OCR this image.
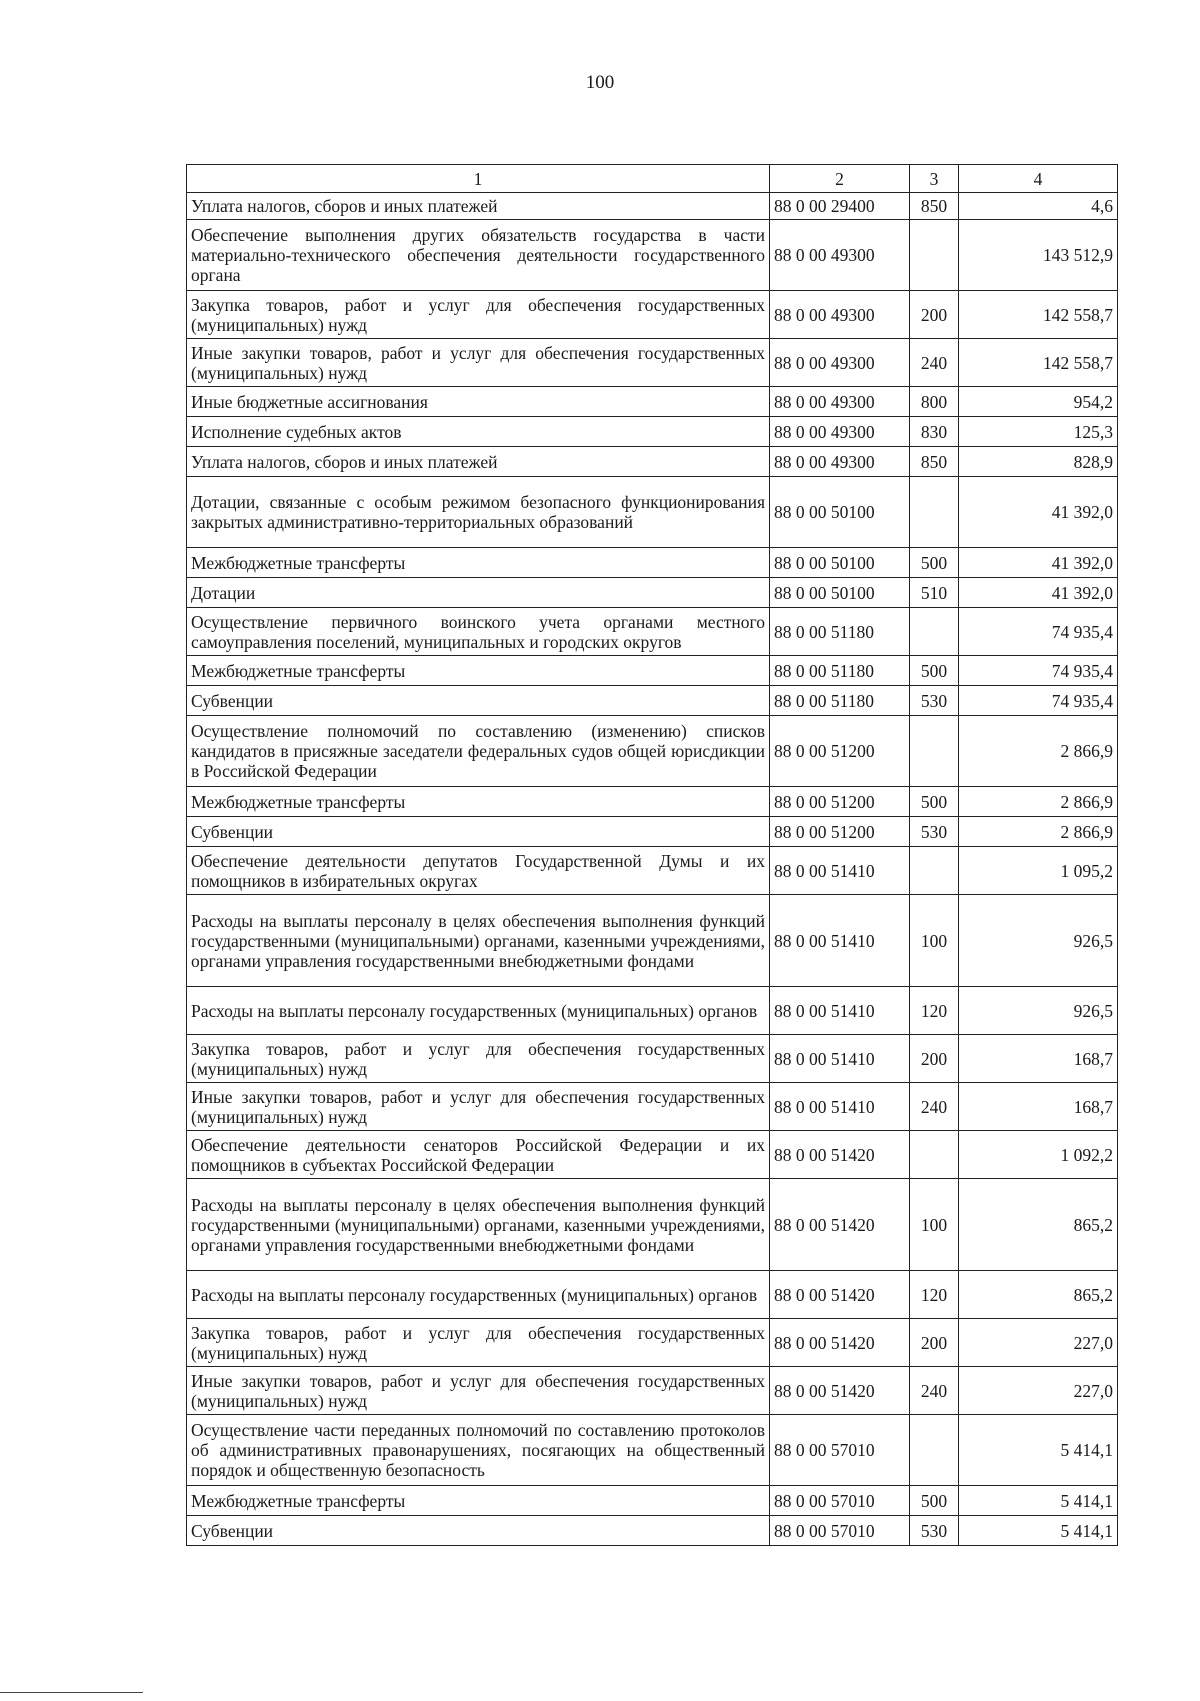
100
1	2	3	4
Уплата налогов, сборов и иных платежей	88 0 00 29400	850	4,6
Обеспечение выполнения других обязательств государства в части материально-технического обеспечения деятельности государственного органа	88 0 00 49300		143 512,9
Закупка товаров, работ и услуг для обеспечения государственных (муниципальных) нужд	88 0 00 49300	200	142 558,7
Иные закупки товаров, работ и услуг для обеспечения государственных (муниципальных) нужд	88 0 00 49300	240	142 558,7
Иные бюджетные ассигнования	88 0 00 49300	800	954,2
Исполнение судебных актов	88 0 00 49300	830	125,3
Уплата налогов, сборов и иных платежей	88 0 00 49300	850	828,9
Дотации, связанные с особым режимом безопасного функционирования закрытых административно-территориальных образований	88 0 00 50100		41 392,0
Межбюджетные трансферты	88 0 00 50100	500	41 392,0
Дотации	88 0 00 50100	510	41 392,0
Осуществление первичного воинского учета органами местного самоуправления поселений, муниципальных и городских округов	88 0 00 51180		74 935,4
Межбюджетные трансферты	88 0 00 51180	500	74 935,4
Субвенции	88 0 00 51180	530	74 935,4
Осуществление полномочий по составлению (изменению) списков кандидатов в присяжные заседатели федеральных судов общей юрисдикции в Российской Федерации	88 0 00 51200		2 866,9
Межбюджетные трансферты	88 0 00 51200	500	2 866,9
Субвенции	88 0 00 51200	530	2 866,9
Обеспечение деятельности депутатов Государственной Думы и их помощников в избирательных округах	88 0 00 51410		1 095,2
Расходы на выплаты персоналу в целях обеспечения выполнения функций государственными (муниципальными) органами, казенными учреждениями, органами управления государственными внебюджетными фондами	88 0 00 51410	100	926,5
Расходы на выплаты персоналу государственных (муниципальных) органов	88 0 00 51410	120	926,5
Закупка товаров, работ и услуг для обеспечения государственных (муниципальных) нужд	88 0 00 51410	200	168,7
Иные закупки товаров, работ и услуг для обеспечения государственных (муниципальных) нужд	88 0 00 51410	240	168,7
Обеспечение деятельности сенаторов Российской Федерации и их помощников в субъектах Российской Федерации	88 0 00 51420		1 092,2
Расходы на выплаты персоналу в целях обеспечения выполнения функций государственными (муниципальными) органами, казенными учреждениями, органами управления государственными внебюджетными фондами	88 0 00 51420	100	865,2
Расходы на выплаты персоналу государственных (муниципальных) органов	88 0 00 51420	120	865,2
Закупка товаров, работ и услуг для обеспечения государственных (муниципальных) нужд	88 0 00 51420	200	227,0
Иные закупки товаров, работ и услуг для обеспечения государственных (муниципальных) нужд	88 0 00 51420	240	227,0
Осуществление части переданных полномочий по составлению протоколов об административных правонарушениях, посягающих на общественный порядок и общественную безопасность	88 0 00 57010		5 414,1
Межбюджетные трансферты	88 0 00 57010	500	5 414,1
Субвенции	88 0 00 57010	530	5 414,1
